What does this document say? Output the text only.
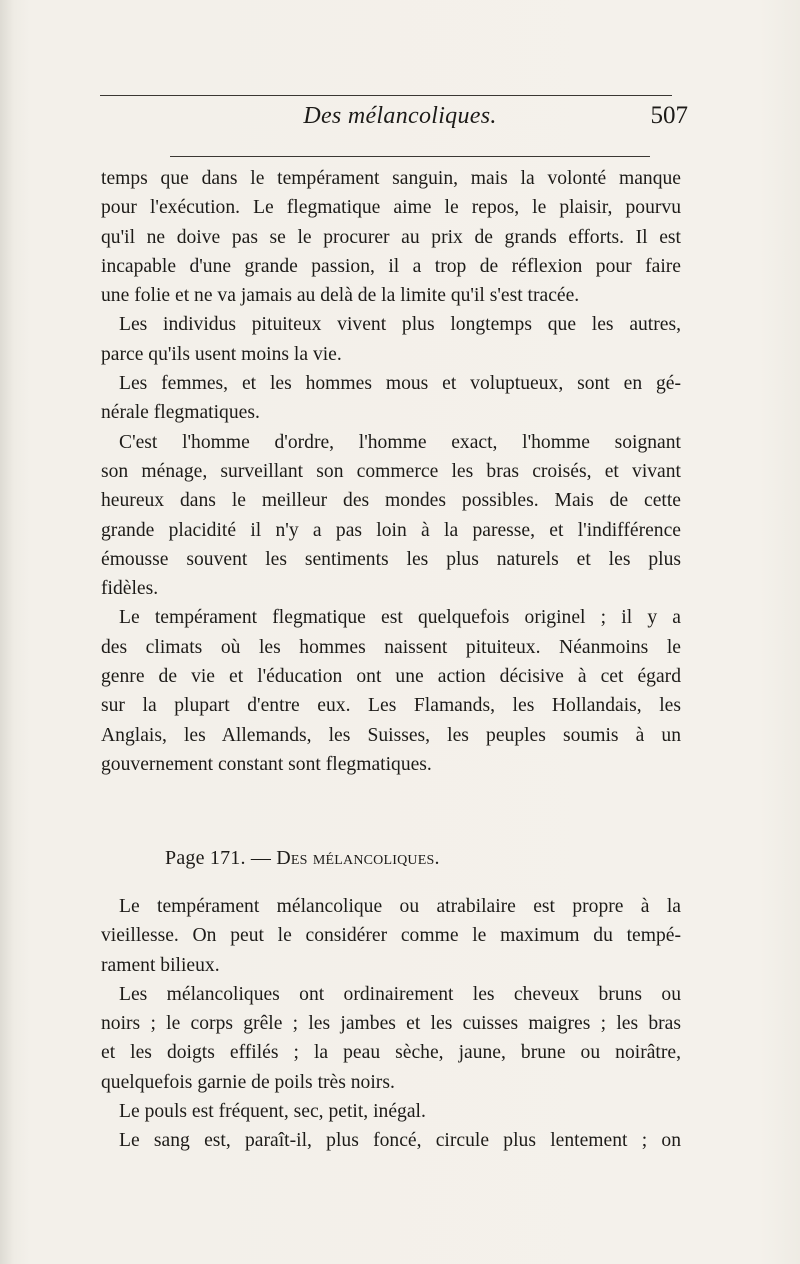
Des mélancoliques.	507
temps que dans le tempérament sanguin, mais la volonté manque
pour l'exécution. Le flegmatique aime le repos, le plaisir, pourvu
qu'il ne doive pas se le procurer au prix de grands efforts. Il est
incapable d'une grande passion, il a trop de réflexion pour faire
une folie et ne va jamais au delà de la limite qu'il s'est tracée.
Les individus pituiteux vivent plus longtemps que les autres,
parce qu'ils usent moins la vie.
Les femmes, et les hommes mous et voluptueux, sont en gé-
nérale flegmatiques.
C'est l'homme d'ordre, l'homme exact, l'homme soignant
son ménage, surveillant son commerce les bras croisés, et vivant
heureux dans le meilleur des mondes possibles. Mais de cette
grande placidité il n'y a pas loin à la paresse, et l'indifférence
émousse souvent les sentiments les plus naturels et les plus
fidèles.
Le tempérament flegmatique est quelquefois originel ; il y a
des climats où les hommes naissent pituiteux. Néanmoins le
genre de vie et l'éducation ont une action décisive à cet égard
sur la plupart d'entre eux. Les Flamands, les Hollandais, les
Anglais, les Allemands, les Suisses, les peuples soumis à un
gouvernement constant sont flegmatiques.
Page 171. — Des mélancoliques.
Le tempérament mélancolique ou atrabilaire est propre à la
vieillesse. On peut le considérer comme le maximum du tempé-
rament bilieux.
Les mélancoliques ont ordinairement les cheveux bruns ou
noirs ; le corps grêle ; les jambes et les cuisses maigres ; les bras
et les doigts effilés ; la peau sèche, jaune, brune ou noirâtre,
quelquefois garnie de poils très noirs.
Le pouls est fréquent, sec, petit, inégal.
Le sang est, paraît-il, plus foncé, circule plus lentement ; on
